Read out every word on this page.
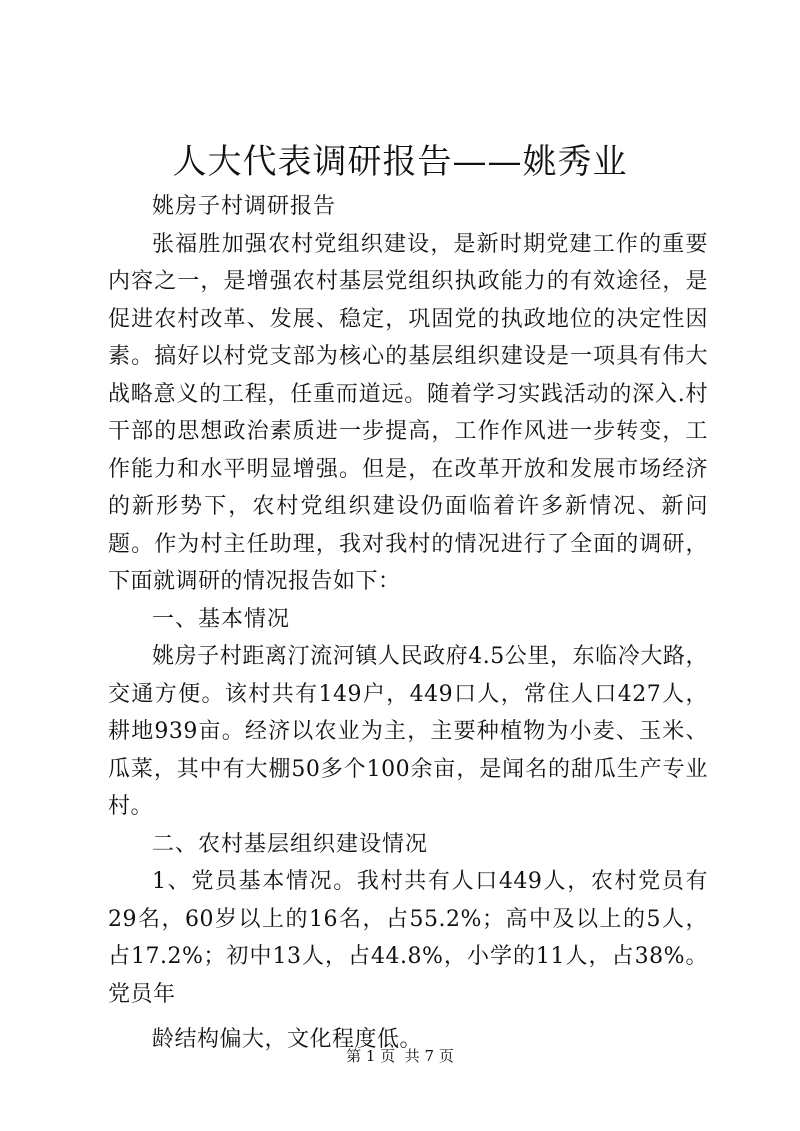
人大代表调研报告——姚秀业

姚房子村调研报告

张福胜加强农村党组织建设，是新时期党建工作的重要内容之一，是增强农村基层党组织执政能力的有效途径，是促进农村改革、发展、稳定，巩固党的执政地位的决定性因素。搞好以村党支部为核心的基层组织建设是一项具有伟大战略意义的工程，任重而道远。随着学习实践活动的深入.村干部的思想政治素质进一步提高，工作作风进一步转变，工作能力和水平明显增强。但是，在改革开放和发展市场经济的新形势下，农村党组织建设仍面临着许多新情况、新问题。作为村主任助理，我对我村的情况进行了全面的调研，下面就调研的情况报告如下：

一、基本情况

姚房子村距离汀流河镇人民政府4.5公里，东临冷大路，交通方便。该村共有149户，449口人，常住人口427人，耕地939亩。经济以农业为主，主要种植物为小麦、玉米、瓜菜，其中有大棚50多个100余亩，是闻名的甜瓜生产专业村。

二、农村基层组织建设情况

1、党员基本情况。我村共有人口449人，农村党员有29名，60岁以上的16名，占55.2%；高中及以上的5人，占17.2%；初中13人，占44.8%，小学的11人，占38%。党员年

龄结构偏大，文化程度低。

第 1 页  共 7 页
